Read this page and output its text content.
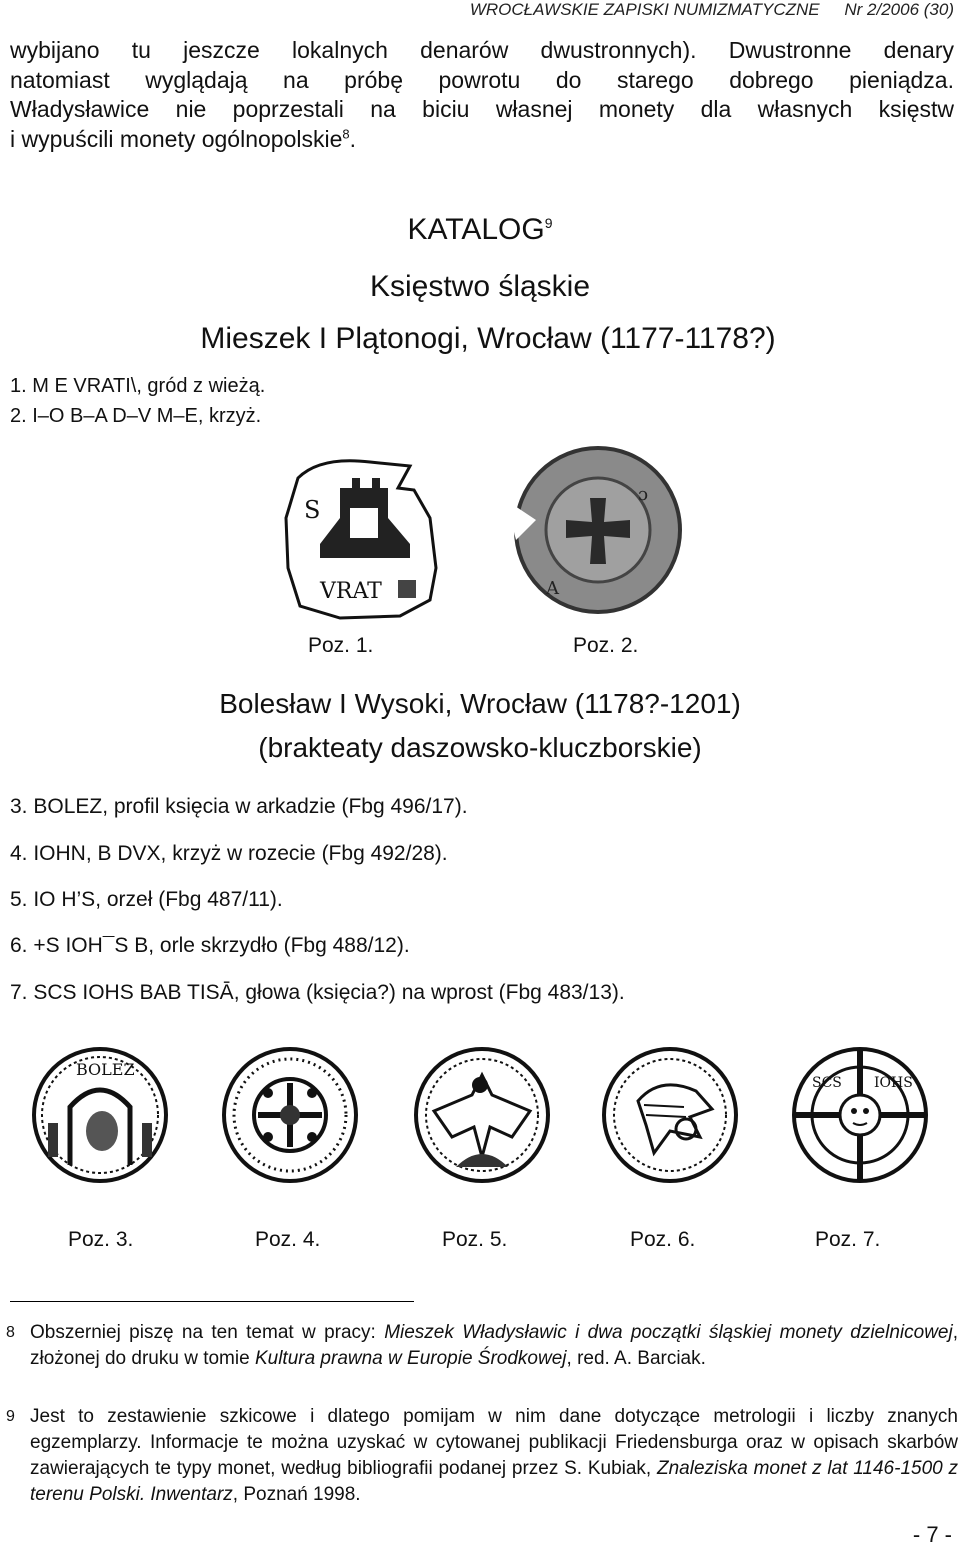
WROCŁAWSKIE ZAPISKI NUMIZMATYCZNE Nr 2/2006 (30)
wybijano tu jeszcze lokalnych denarów dwustronnych). Dwustronne denary
natomiast wyglądają na próbę powrotu do starego dobrego pieniądza.
Władysławice nie poprzestali na biciu własnej monety dla własnych księstw
i wypuścili monety ogólnopolskie$^8$.
KATALOG$^9$
Księstwo śląskie
Mieszek I Plątonogi, Wrocław (1177-1178?)
1. M E VRATI\, gród z wieżą.
2. I–O B–A D–V M–E, krzyż.
S
VRAT
ɔ
A
Poz. 1.	Poz. 2.
Bolesław I Wysoki, Wrocław (1178?-1201)
(brakteaty daszowsko-kluczborskie)
3. BOLEZ, profil księcia w arkadzie (Fbg 496/17).
4. IOHN, B DVX, krzyż w rozecie (Fbg 492/28).
5. IO H’S, orzeł (Fbg 487/11).
6. +S IOH¯S B, orle skrzydło (Fbg 488/12).
7. SCS IOHS BAB TISĀ, głowa (księcia?) na wprost (Fbg 483/13).
BOLEZ
SCS IOHS
Poz. 3.	Poz. 4.	Poz. 5.	Poz. 6.	Poz. 7.
8 Obszerniej piszę na ten temat w pracy: Mieszek Władysławic i dwa początki śląskiej monety dzielnicowej, złożonej do druku w tomie Kultura prawna w Europie Środkowej, red. A. Barciak.
9 Jest to zestawienie szkicowe i dlatego pomijam w nim dane dotyczące metrologii i liczby znanych egzemplarzy. Informacje te można uzyskać w cytowanej publikacji Friedensburga oraz w opisach skarbów zawierających te typy monet, według bibliografii podanej przez S. Kubiak, Znaleziska monet z lat 1146-1500 z terenu Polski. Inwentarz, Poznań 1998.
- 7 -
